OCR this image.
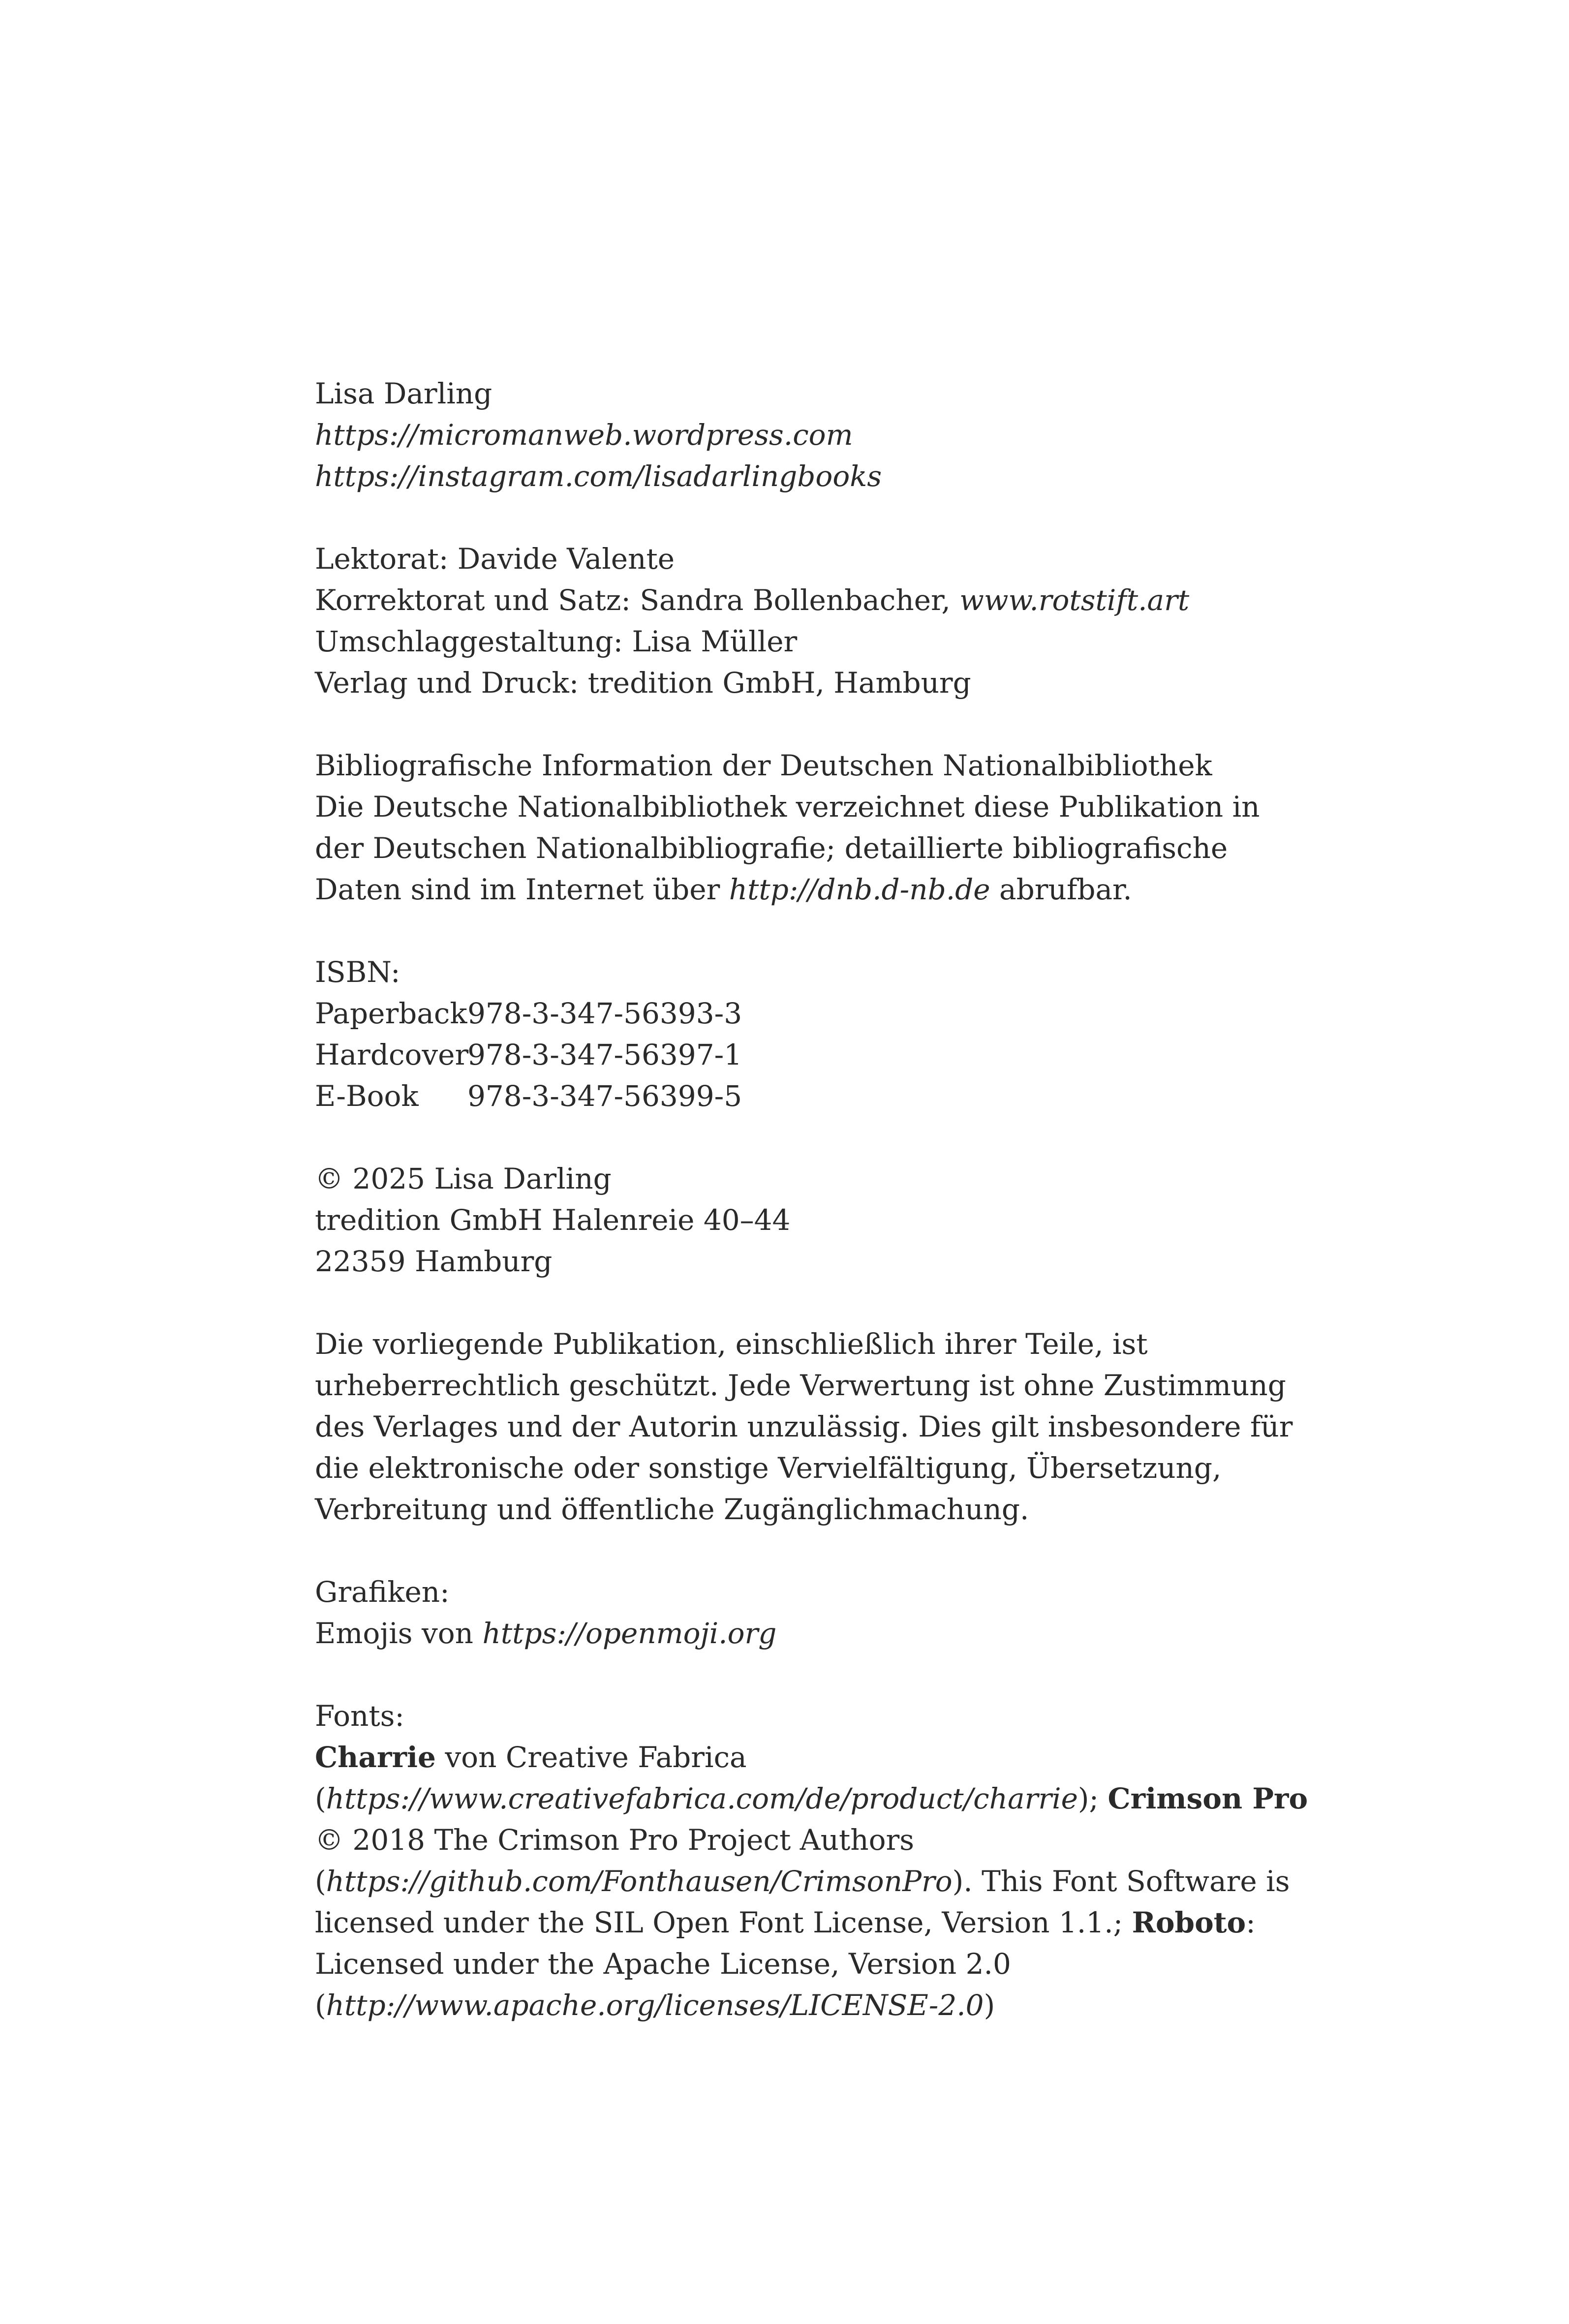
Lisa Darling
https://micromanweb.wordpress.com
https://instagram.com/lisadarlingbooks
Lektorat: Davide Valente
Korrektorat und Satz: Sandra Bollenbacher, www.rotstift.art
Umschlaggestaltung: Lisa Müller
Verlag und Druck: tredition GmbH, Hamburg
Bibliografische Information der Deutschen Nationalbibliothek
Die Deutsche Nationalbibliothek verzeichnet diese Publikation in der Deutschen Nationalbibliografie; detaillierte bibliografische Daten sind im Internet über http://dnb.d-nb.de abrufbar.
ISBN:
Paperback 978-3-347-56393-3
Hardcover
978-3-347-56397-1
E-Book	978-3-347-56399-5
© 2025 Lisa Darling
tredition GmbH Halenreie 40–44
22359 Hamburg
Die vorliegende Publikation, einschließlich ihrer Teile, ist urheberrechtlich geschützt. Jede Verwertung ist ohne Zustimmung des Verlages und der Autorin unzulässig. Dies gilt insbesondere für die elektronische oder sonstige Vervielfältigung, Übersetzung, Verbreitung und öffentliche Zugänglichmachung.
Grafiken:
Emojis von https://openmoji.org
Fonts:
Charrie von Creative Fabrica (https://www.creativefabrica.com/de/product/charrie); Crimson Pro © 2018 The Crimson Pro Project Authors (https://github.com/Fonthausen/CrimsonPro). This Font Software is licensed under the SIL Open Font License, Version 1.1.; Roboto: Licensed under the Apache License, Version 2.0 (http://www.apache.org/licenses/LICENSE-2.0)
